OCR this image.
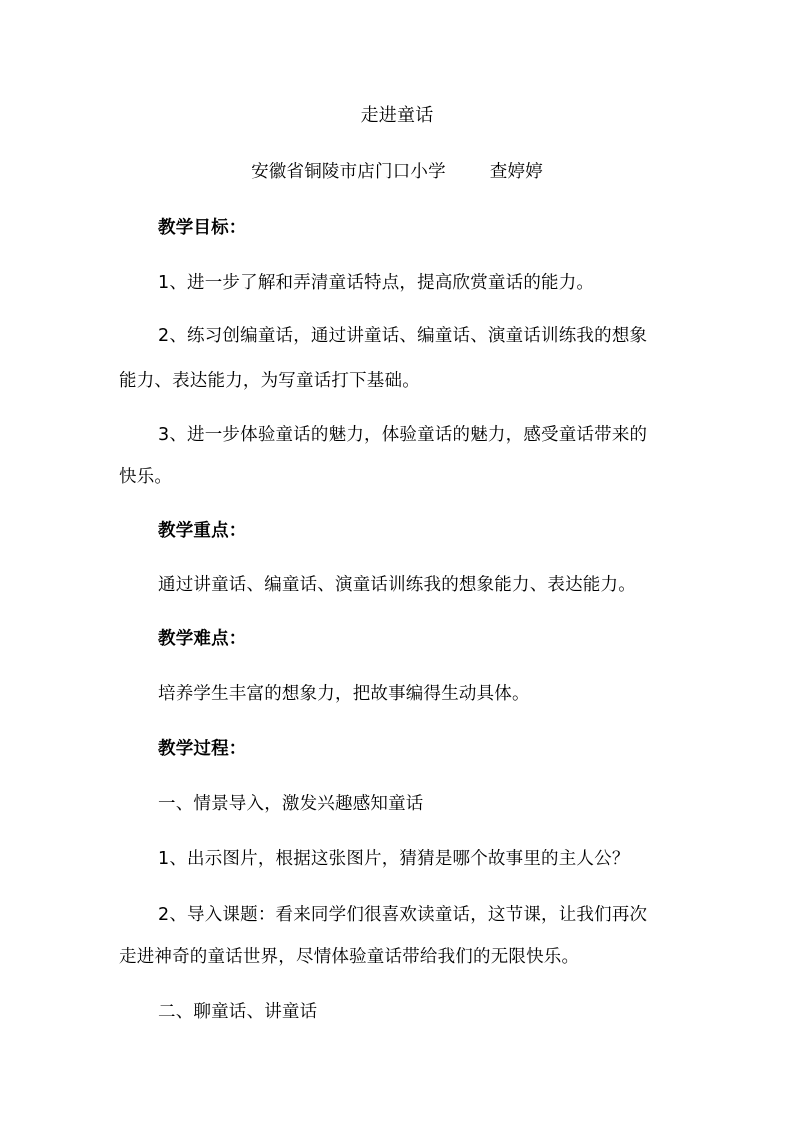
走进童话
安徽省铜陵市店门口小学	查婷婷
教学目标：
1、进一步了解和弄清童话特点，提高欣赏童话的能力。
2、练习创编童话，通过讲童话、编童话、演童话训练我的想象
能力、表达能力，为写童话打下基础。
3、进一步体验童话的魅力，体验童话的魅力，感受童话带来的
快乐。
教学重点：
通过讲童话、编童话、演童话训练我的想象能力、表达能力。
教学难点：
培养学生丰富的想象力，把故事编得生动具体。
教学过程：
一、情景导入，激发兴趣感知童话
1、出示图片，根据这张图片，猜猜是哪个故事里的主人公？
2、导入课题：看来同学们很喜欢读童话，这节课，让我们再次
走进神奇的童话世界，尽情体验童话带给我们的无限快乐。
二、聊童话、讲童话
